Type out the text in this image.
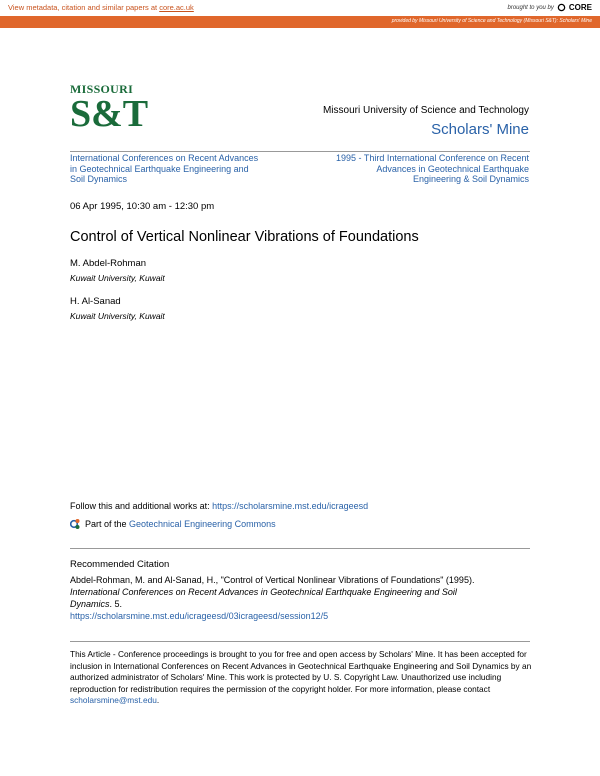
View metadata, citation and similar papers at core.ac.uk	brought to you by CORE
provided by Missouri University of Science and Technology (Missouri S&T): Scholars' Mine
MISSOURI
S&T	Missouri University of Science and Technology
Scholars' Mine
International Conferences on Recent Advances
in Geotechnical Earthquake Engineering and
Soil Dynamics
1995 - Third International Conference on Recent
Advances in Geotechnical Earthquake
Engineering & Soil Dynamics
06 Apr 1995, 10:30 am - 12:30 pm
Control of Vertical Nonlinear Vibrations of Foundations
M. Abdel-Rohman
Kuwait University, Kuwait
H. Al-Sanad
Kuwait University, Kuwait
Follow this and additional works at: https://scholarsmine.mst.edu/icrageesd
Part of the Geotechnical Engineering Commons
Recommended Citation
Abdel-Rohman, M. and Al-Sanad, H., "Control of Vertical Nonlinear Vibrations of Foundations" (1995).
International Conferences on Recent Advances in Geotechnical Earthquake Engineering and Soil
Dynamics. 5.
https://scholarsmine.mst.edu/icrageesd/03icrageesd/session12/5
This Article - Conference proceedings is brought to you for free and open access by Scholars' Mine. It has been accepted for inclusion in International Conferences on Recent Advances in Geotechnical Earthquake Engineering and Soil Dynamics by an authorized administrator of Scholars' Mine. This work is protected by U. S. Copyright Law. Unauthorized use including reproduction for redistribution requires the permission of the copyright holder. For more information, please contact scholarsmine@mst.edu.
